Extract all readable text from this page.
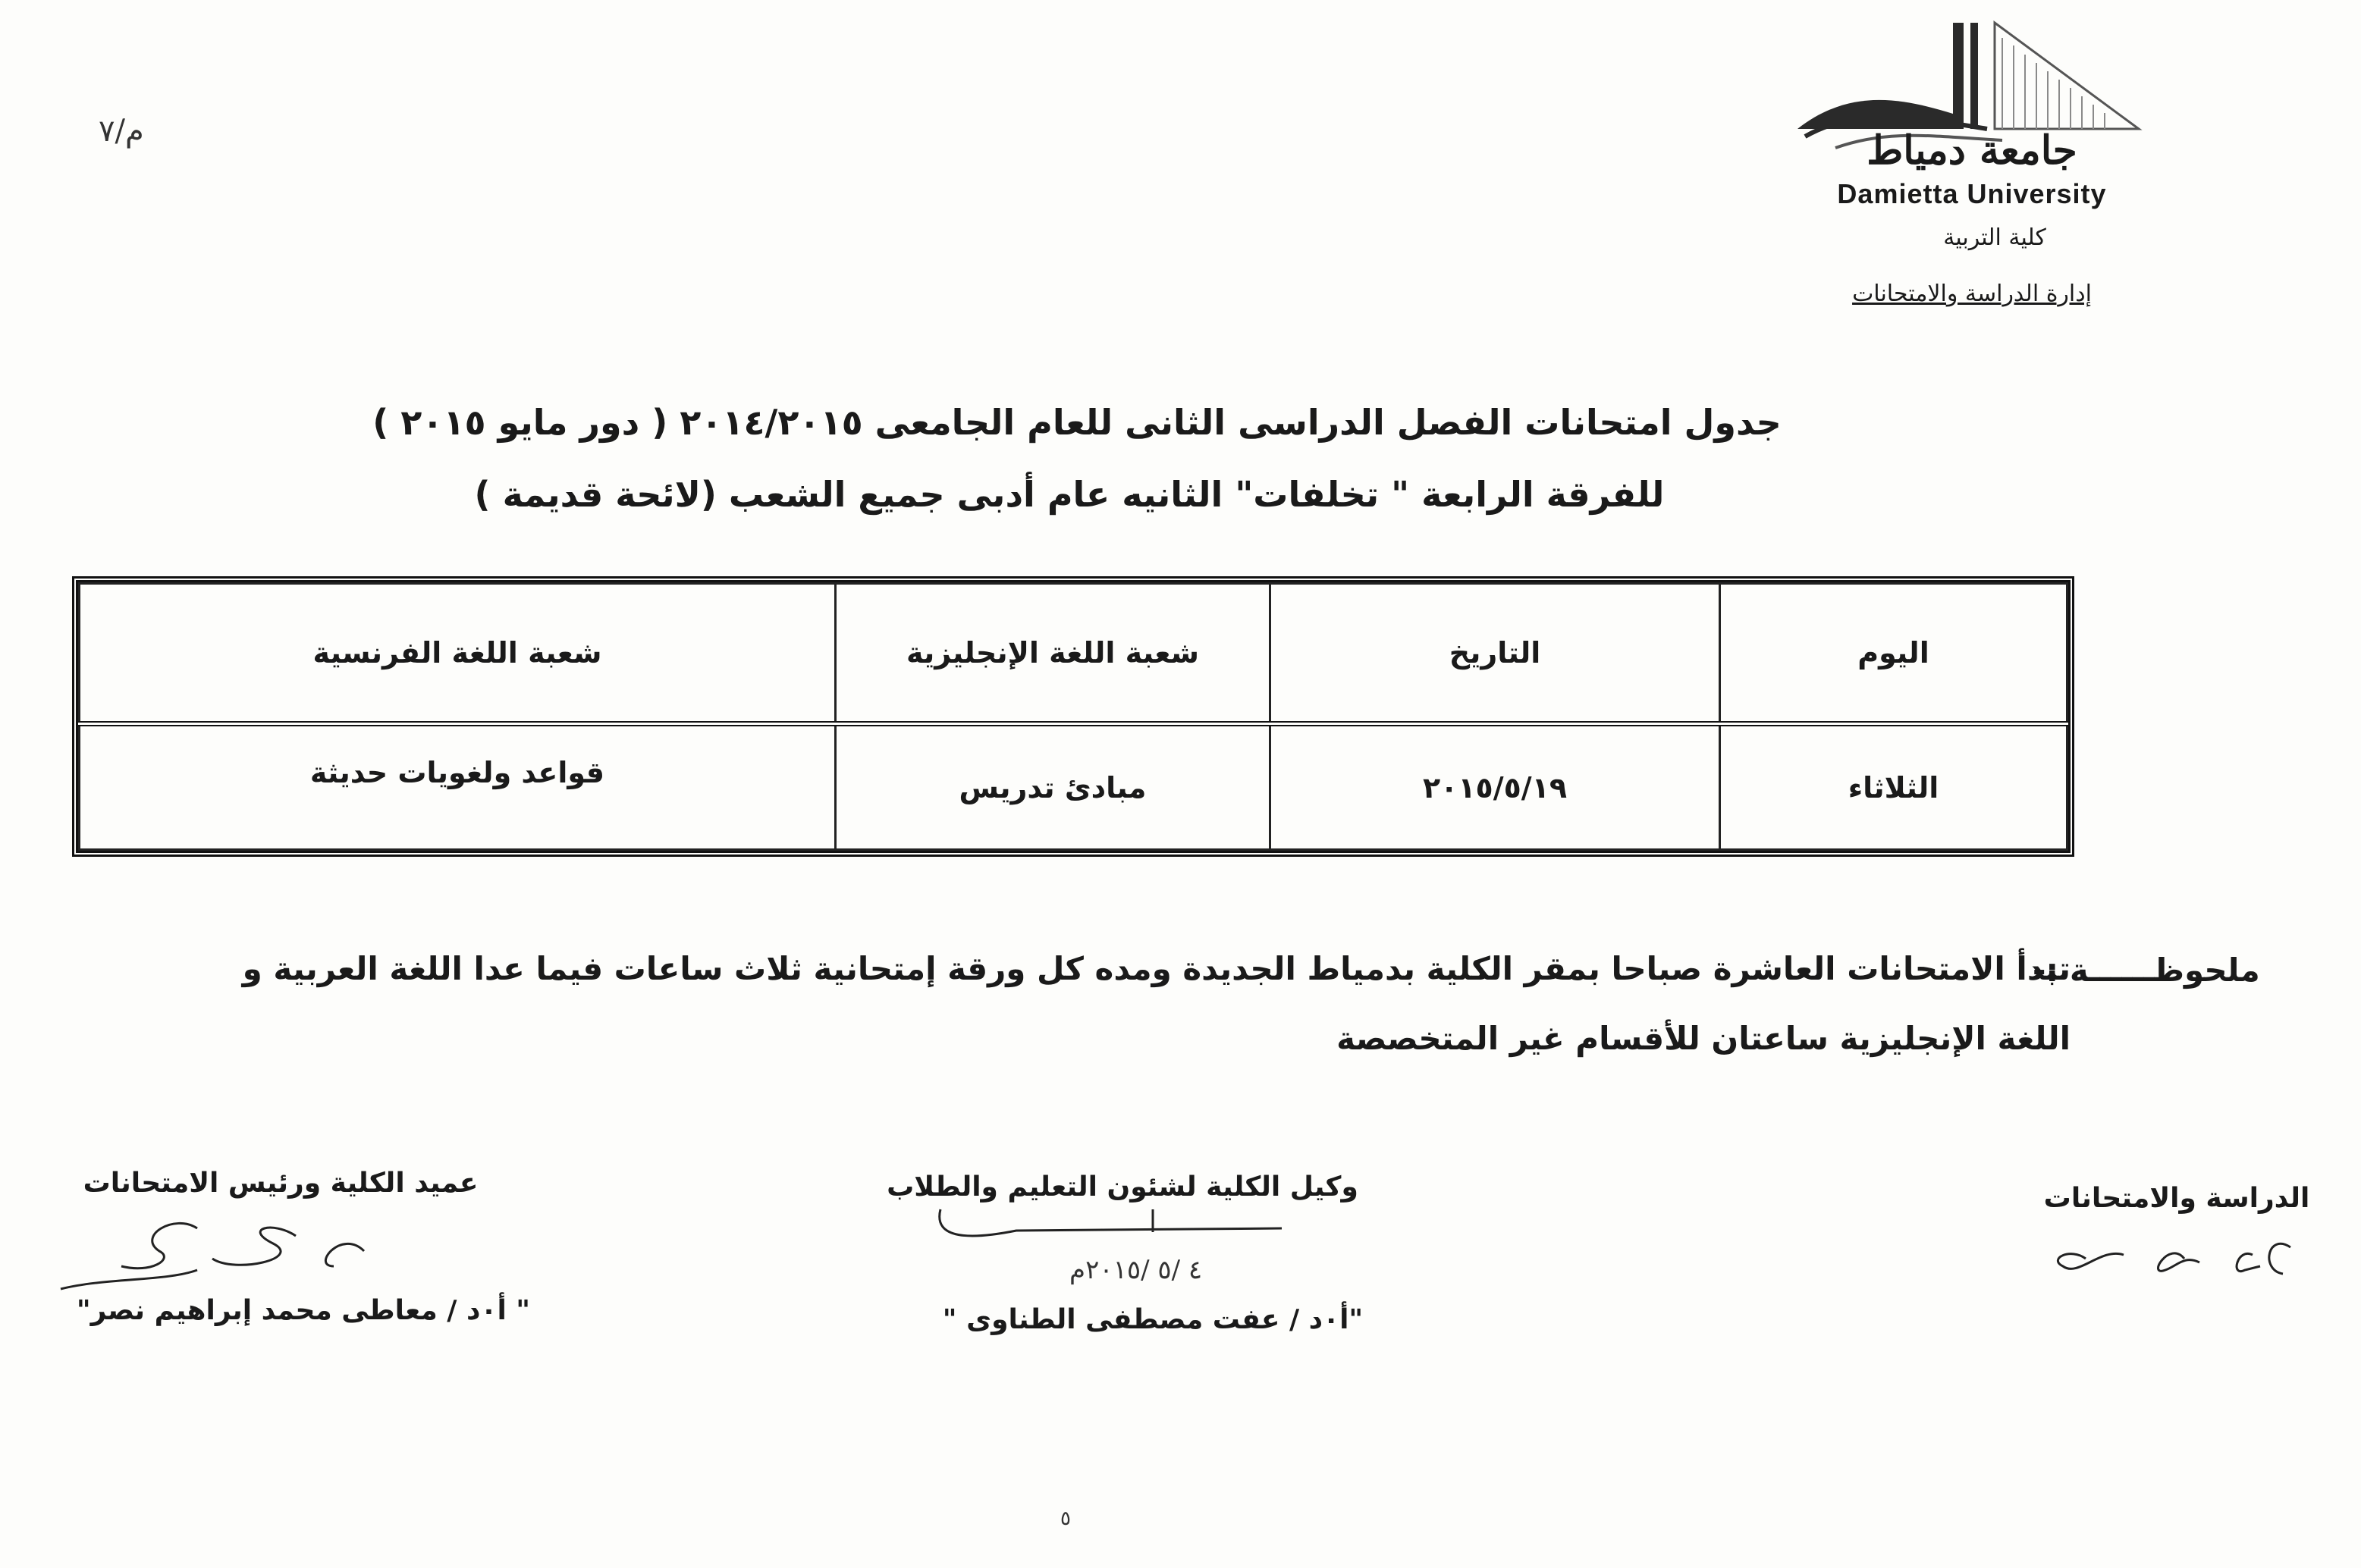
جامعة دمياط
Damietta University
كلية التربية
إدارة الدراسة والامتحانات
م/٧
جدول امتحانات الفصل الدراسى الثانى للعام الجامعى ٢٠١٤/٢٠١٥ ( دور مايو ٢٠١٥ )
للفرقة الرابعة " تخلفات" الثانيه عام أدبى جميع الشعب (لائحة قديمة )
اليوم	التاريخ	شعبة اللغة الإنجليزية	شعبة اللغة الفرنسية
الثلاثاء	٢٠١٥/٥/١٩	مبادئ تدريس	قواعد ولغويات حديثة
ملحوظــــــة :-
تبدأ الامتحانات العاشرة صباحا بمقر الكلية بدمياط الجديدة ومده كل ورقة إمتحانية ثلاث ساعات فيما عدا اللغة العربية و اللغة الإنجليزية ساعتان للأقسام غير المتخصصة
الدراسة والامتحانات
وكيل الكلية لشئون التعليم والطلاب
عميد الكلية ورئيس الامتحانات
٤ /٥ /٢٠١٥م
"أ٠د / عفت مصطفى الطناوى "
" أ٠د / معاطى محمد إبراهيم نصر"
٥
